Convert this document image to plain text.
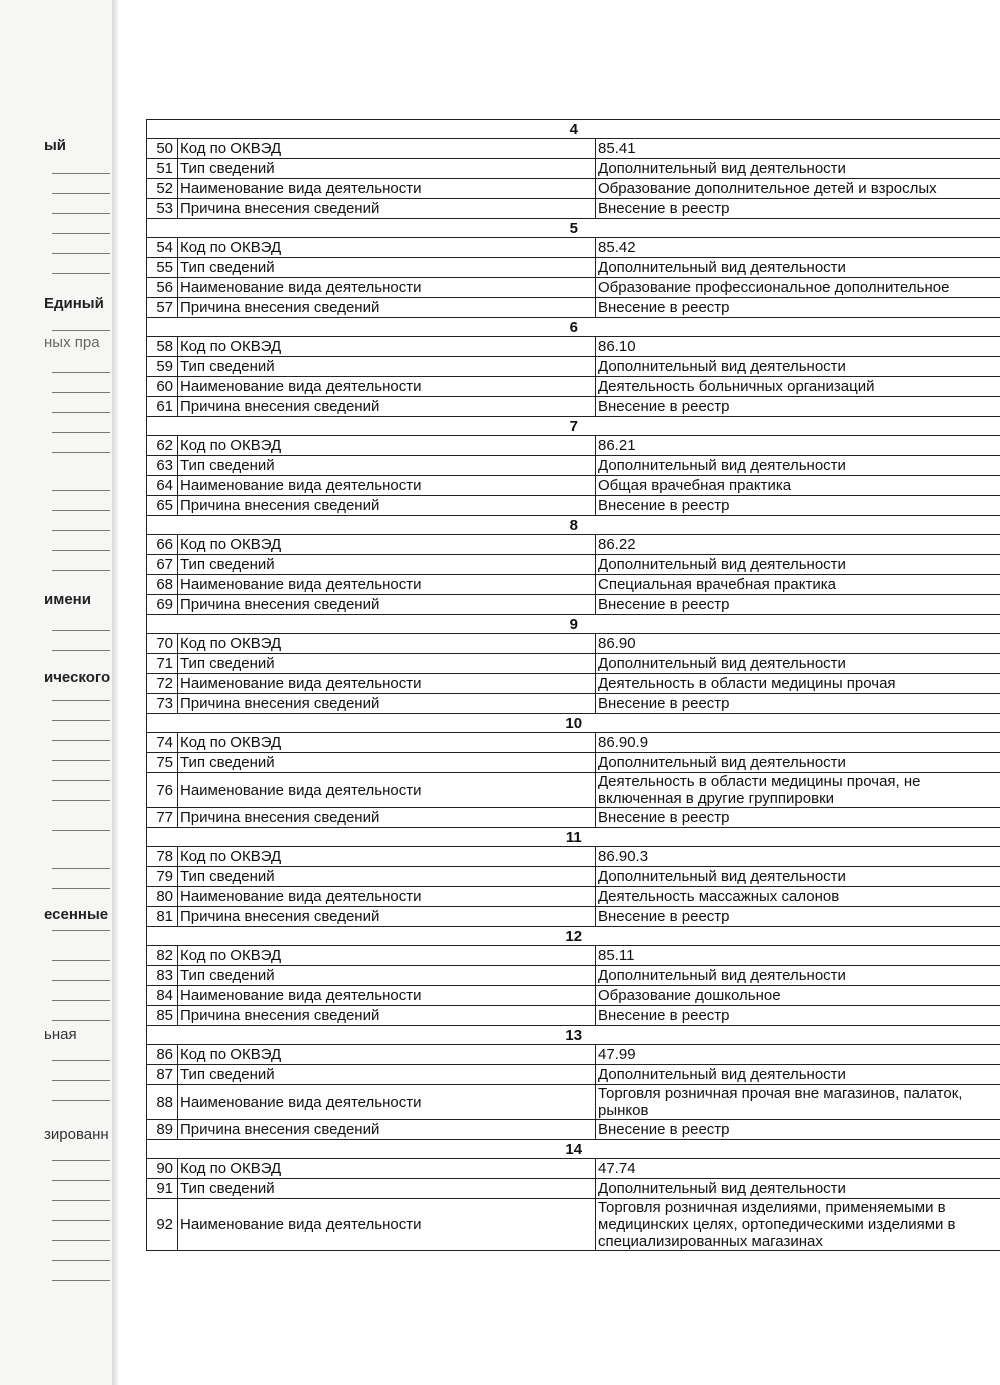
ый
Единый
ных пра
имени
ического
есенные
ьная
зированн
4		
50	Код по ОКВЭД	85.41
51	Тип сведений	Дополнительный вид деятельности
52	Наименование вида деятельности	Образование дополнительное детей и взрослых
53	Причина внесения сведений	Внесение в реестр
5		
54	Код по ОКВЭД	85.42
55	Тип сведений	Дополнительный вид деятельности
56	Наименование вида деятельности	Образование профессиональное дополнительное
57	Причина внесения сведений	Внесение в реестр
6		
58	Код по ОКВЭД	86.10
59	Тип сведений	Дополнительный вид деятельности
60	Наименование вида деятельности	Деятельность больничных организаций
61	Причина внесения сведений	Внесение в реестр
7		
62	Код по ОКВЭД	86.21
63	Тип сведений	Дополнительный вид деятельности
64	Наименование вида деятельности	Общая врачебная практика
65	Причина внесения сведений	Внесение в реестр
8		
66	Код по ОКВЭД	86.22
67	Тип сведений	Дополнительный вид деятельности
68	Наименование вида деятельности	Специальная врачебная практика
69	Причина внесения сведений	Внесение в реестр
9		
70	Код по ОКВЭД	86.90
71	Тип сведений	Дополнительный вид деятельности
72	Наименование вида деятельности	Деятельность в области медицины прочая
73	Причина внесения сведений	Внесение в реестр
10		
74	Код по ОКВЭД	86.90.9
75	Тип сведений	Дополнительный вид деятельности
76	Наименование вида деятельности	Деятельность в области медицины прочая, не включенная в другие группировки
77	Причина внесения сведений	Внесение в реестр
11		
78	Код по ОКВЭД	86.90.3
79	Тип сведений	Дополнительный вид деятельности
80	Наименование вида деятельности	Деятельность массажных салонов
81	Причина внесения сведений	Внесение в реестр
12		
82	Код по ОКВЭД	85.11
83	Тип сведений	Дополнительный вид деятельности
84	Наименование вида деятельности	Образование дошкольное
85	Причина внесения сведений	Внесение в реестр
13		
86	Код по ОКВЭД	47.99
87	Тип сведений	Дополнительный вид деятельности
88	Наименование вида деятельности	Торговля розничная прочая вне магазинов, палаток, рынков
89	Причина внесения сведений	Внесение в реестр
14		
90	Код по ОКВЭД	47.74
91	Тип сведений	Дополнительный вид деятельности
92	Наименование вида деятельности	Торговля розничная изделиями, применяемыми в медицинских целях, ортопедическими изделиями в специализированных магазинах
